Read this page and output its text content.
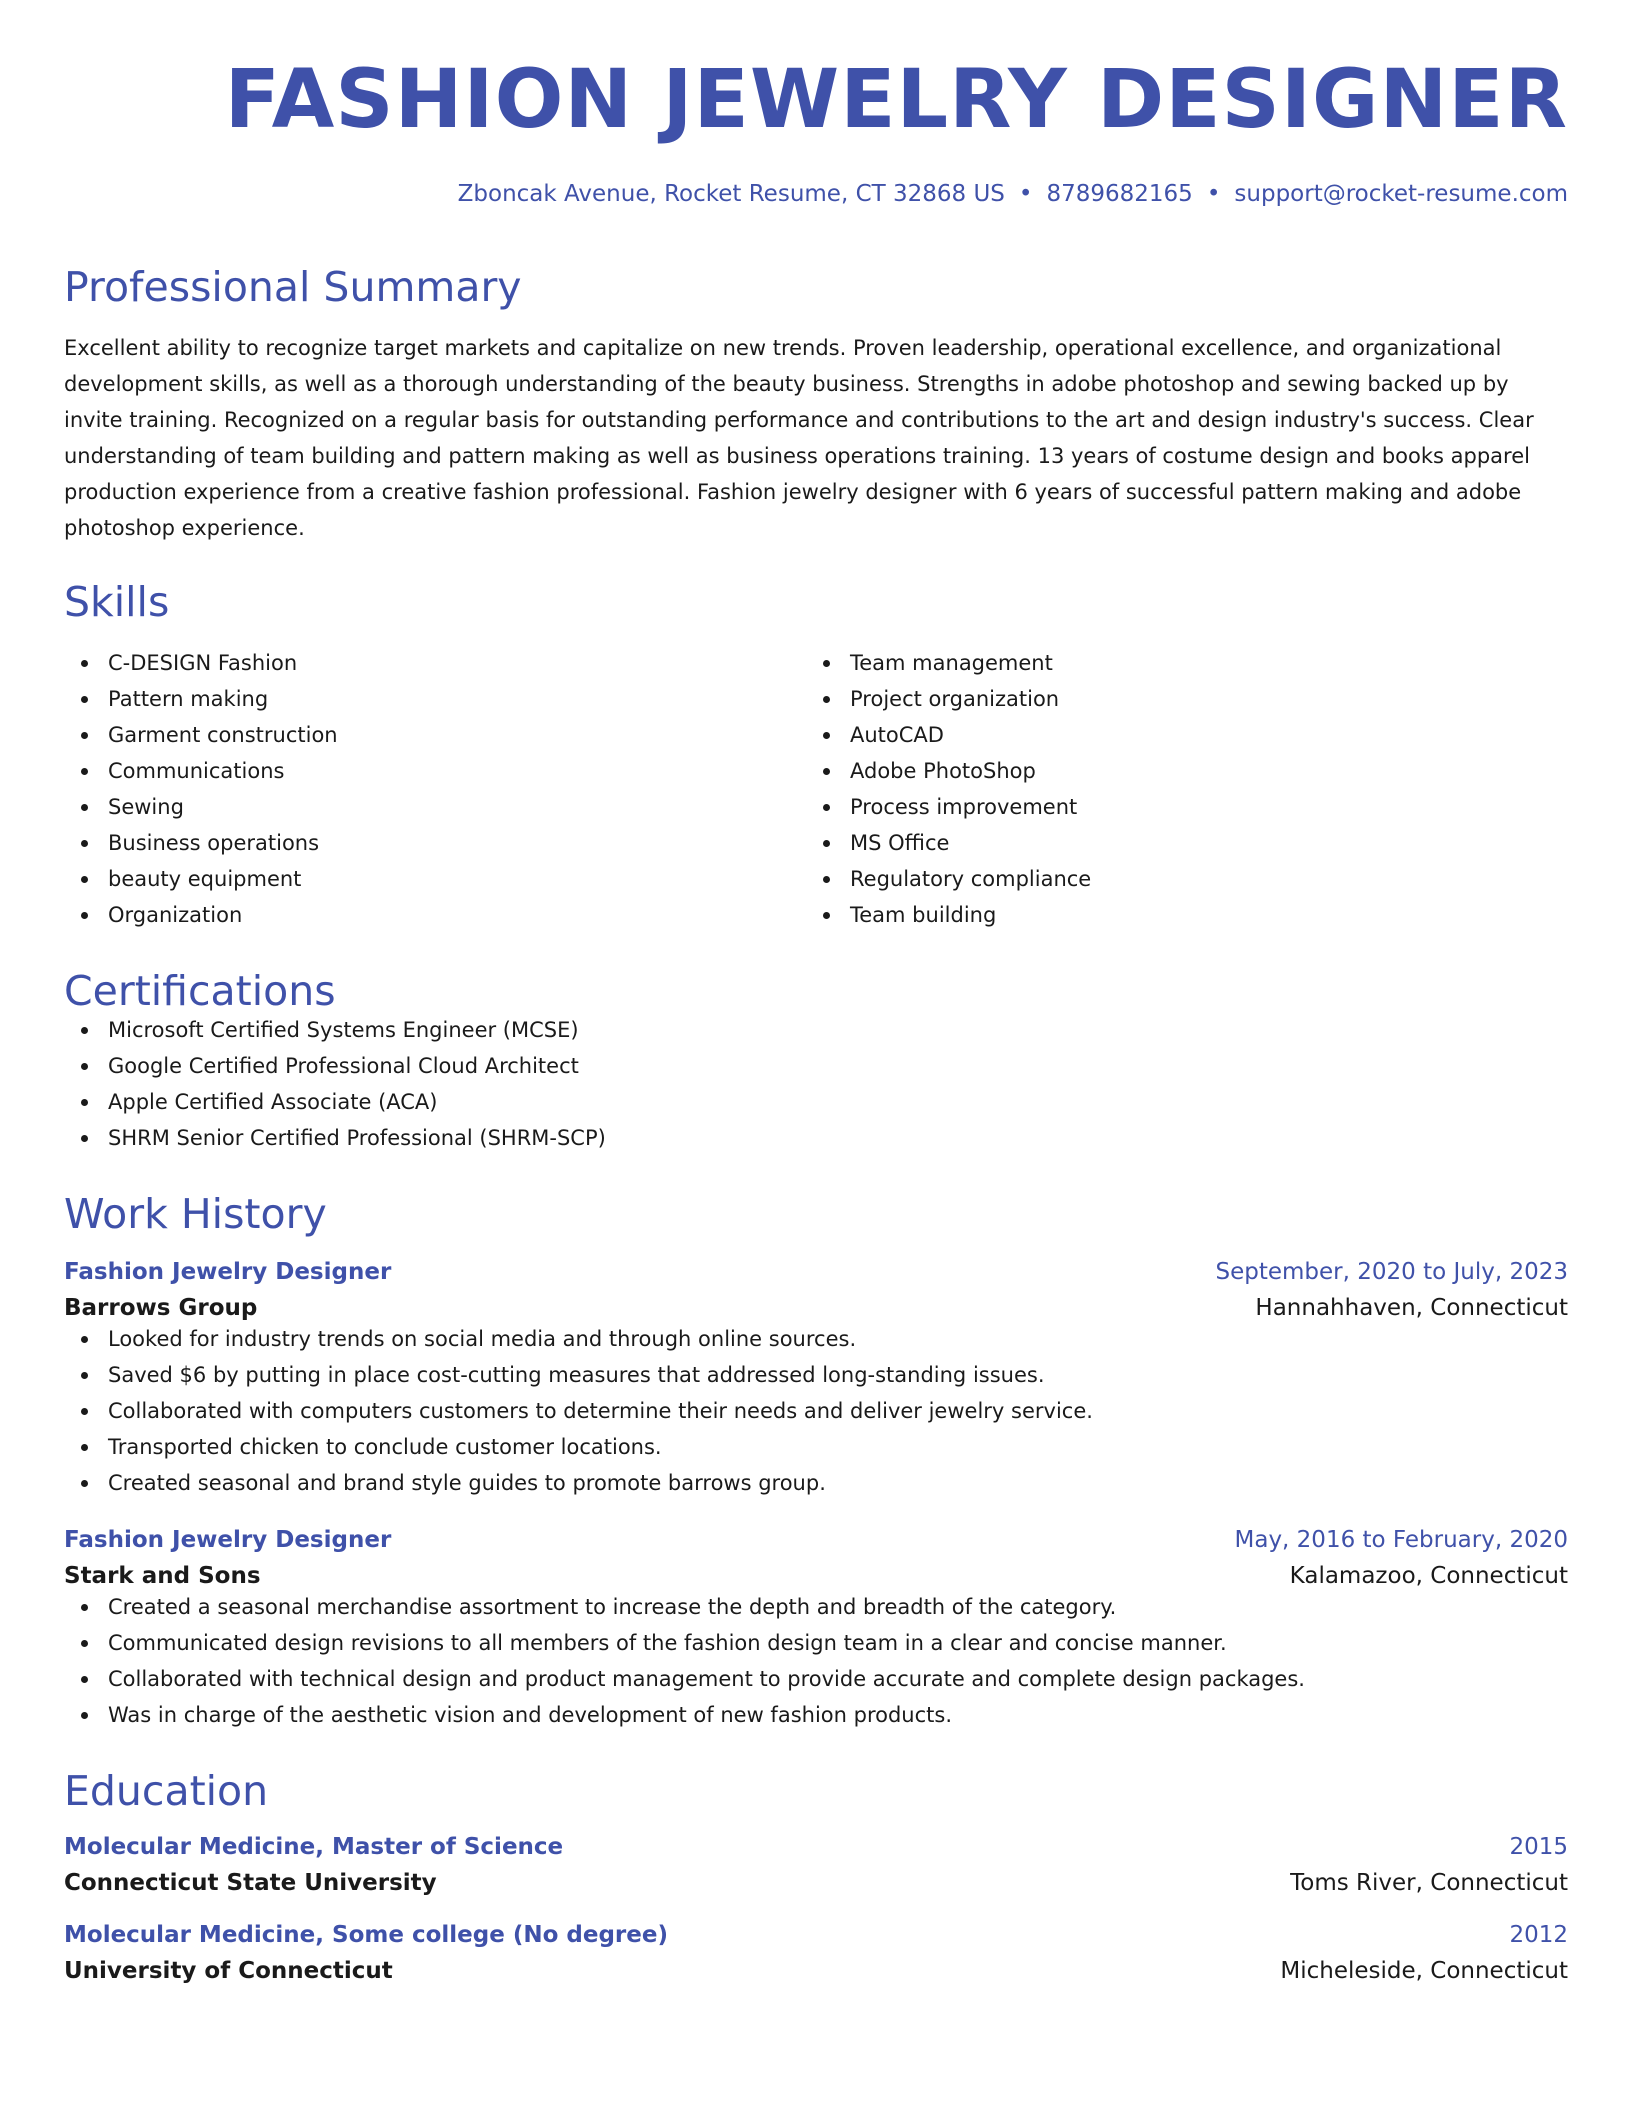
FASHION JEWELRY DESIGNER
Zboncak Avenue, Rocket Resume, CT 32868 US • 8789682165 • support@rocket-resume.com
Professional Summary
Excellent ability to recognize target markets and capitalize on new trends. Proven leadership, operational excellence, and organizational development skills, as well as a thorough understanding of the beauty business. Strengths in adobe photoshop and sewing backed up by invite training. Recognized on a regular basis for outstanding performance and contributions to the art and design industry's success. Clear understanding of team building and pattern making as well as business operations training. 13 years of costume design and books apparel production experience from a creative fashion professional. Fashion jewelry designer with 6 years of successful pattern making and adobe photoshop experience.
Skills
C-DESIGN Fashion
Pattern making
Garment construction
Communications
Sewing
Business operations
beauty equipment
Organization
Team management
Project organization
AutoCAD
Adobe PhotoShop
Process improvement
MS Office
Regulatory compliance
Team building
Certifications
Microsoft Certified Systems Engineer (MCSE)
Google Certified Professional Cloud Architect
Apple Certified Associate (ACA)
SHRM Senior Certified Professional (SHRM-SCP)
Work History
Fashion Jewelry Designer	September, 2020 to July, 2023
Barrows Group	Hannahhaven, Connecticut
Looked for industry trends on social media and through online sources.
Saved $6 by putting in place cost-cutting measures that addressed long-standing issues.
Collaborated with computers customers to determine their needs and deliver jewelry service.
Transported chicken to conclude customer locations.
Created seasonal and brand style guides to promote barrows group.
Fashion Jewelry Designer	May, 2016 to February, 2020
Stark and Sons	Kalamazoo, Connecticut
Created a seasonal merchandise assortment to increase the depth and breadth of the category.
Communicated design revisions to all members of the fashion design team in a clear and concise manner.
Collaborated with technical design and product management to provide accurate and complete design packages.
Was in charge of the aesthetic vision and development of new fashion products.
Education
Molecular Medicine, Master of Science	2015
Connecticut State University	Toms River, Connecticut
Molecular Medicine, Some college (No degree)	2012
University of Connecticut	Micheleside, Connecticut
